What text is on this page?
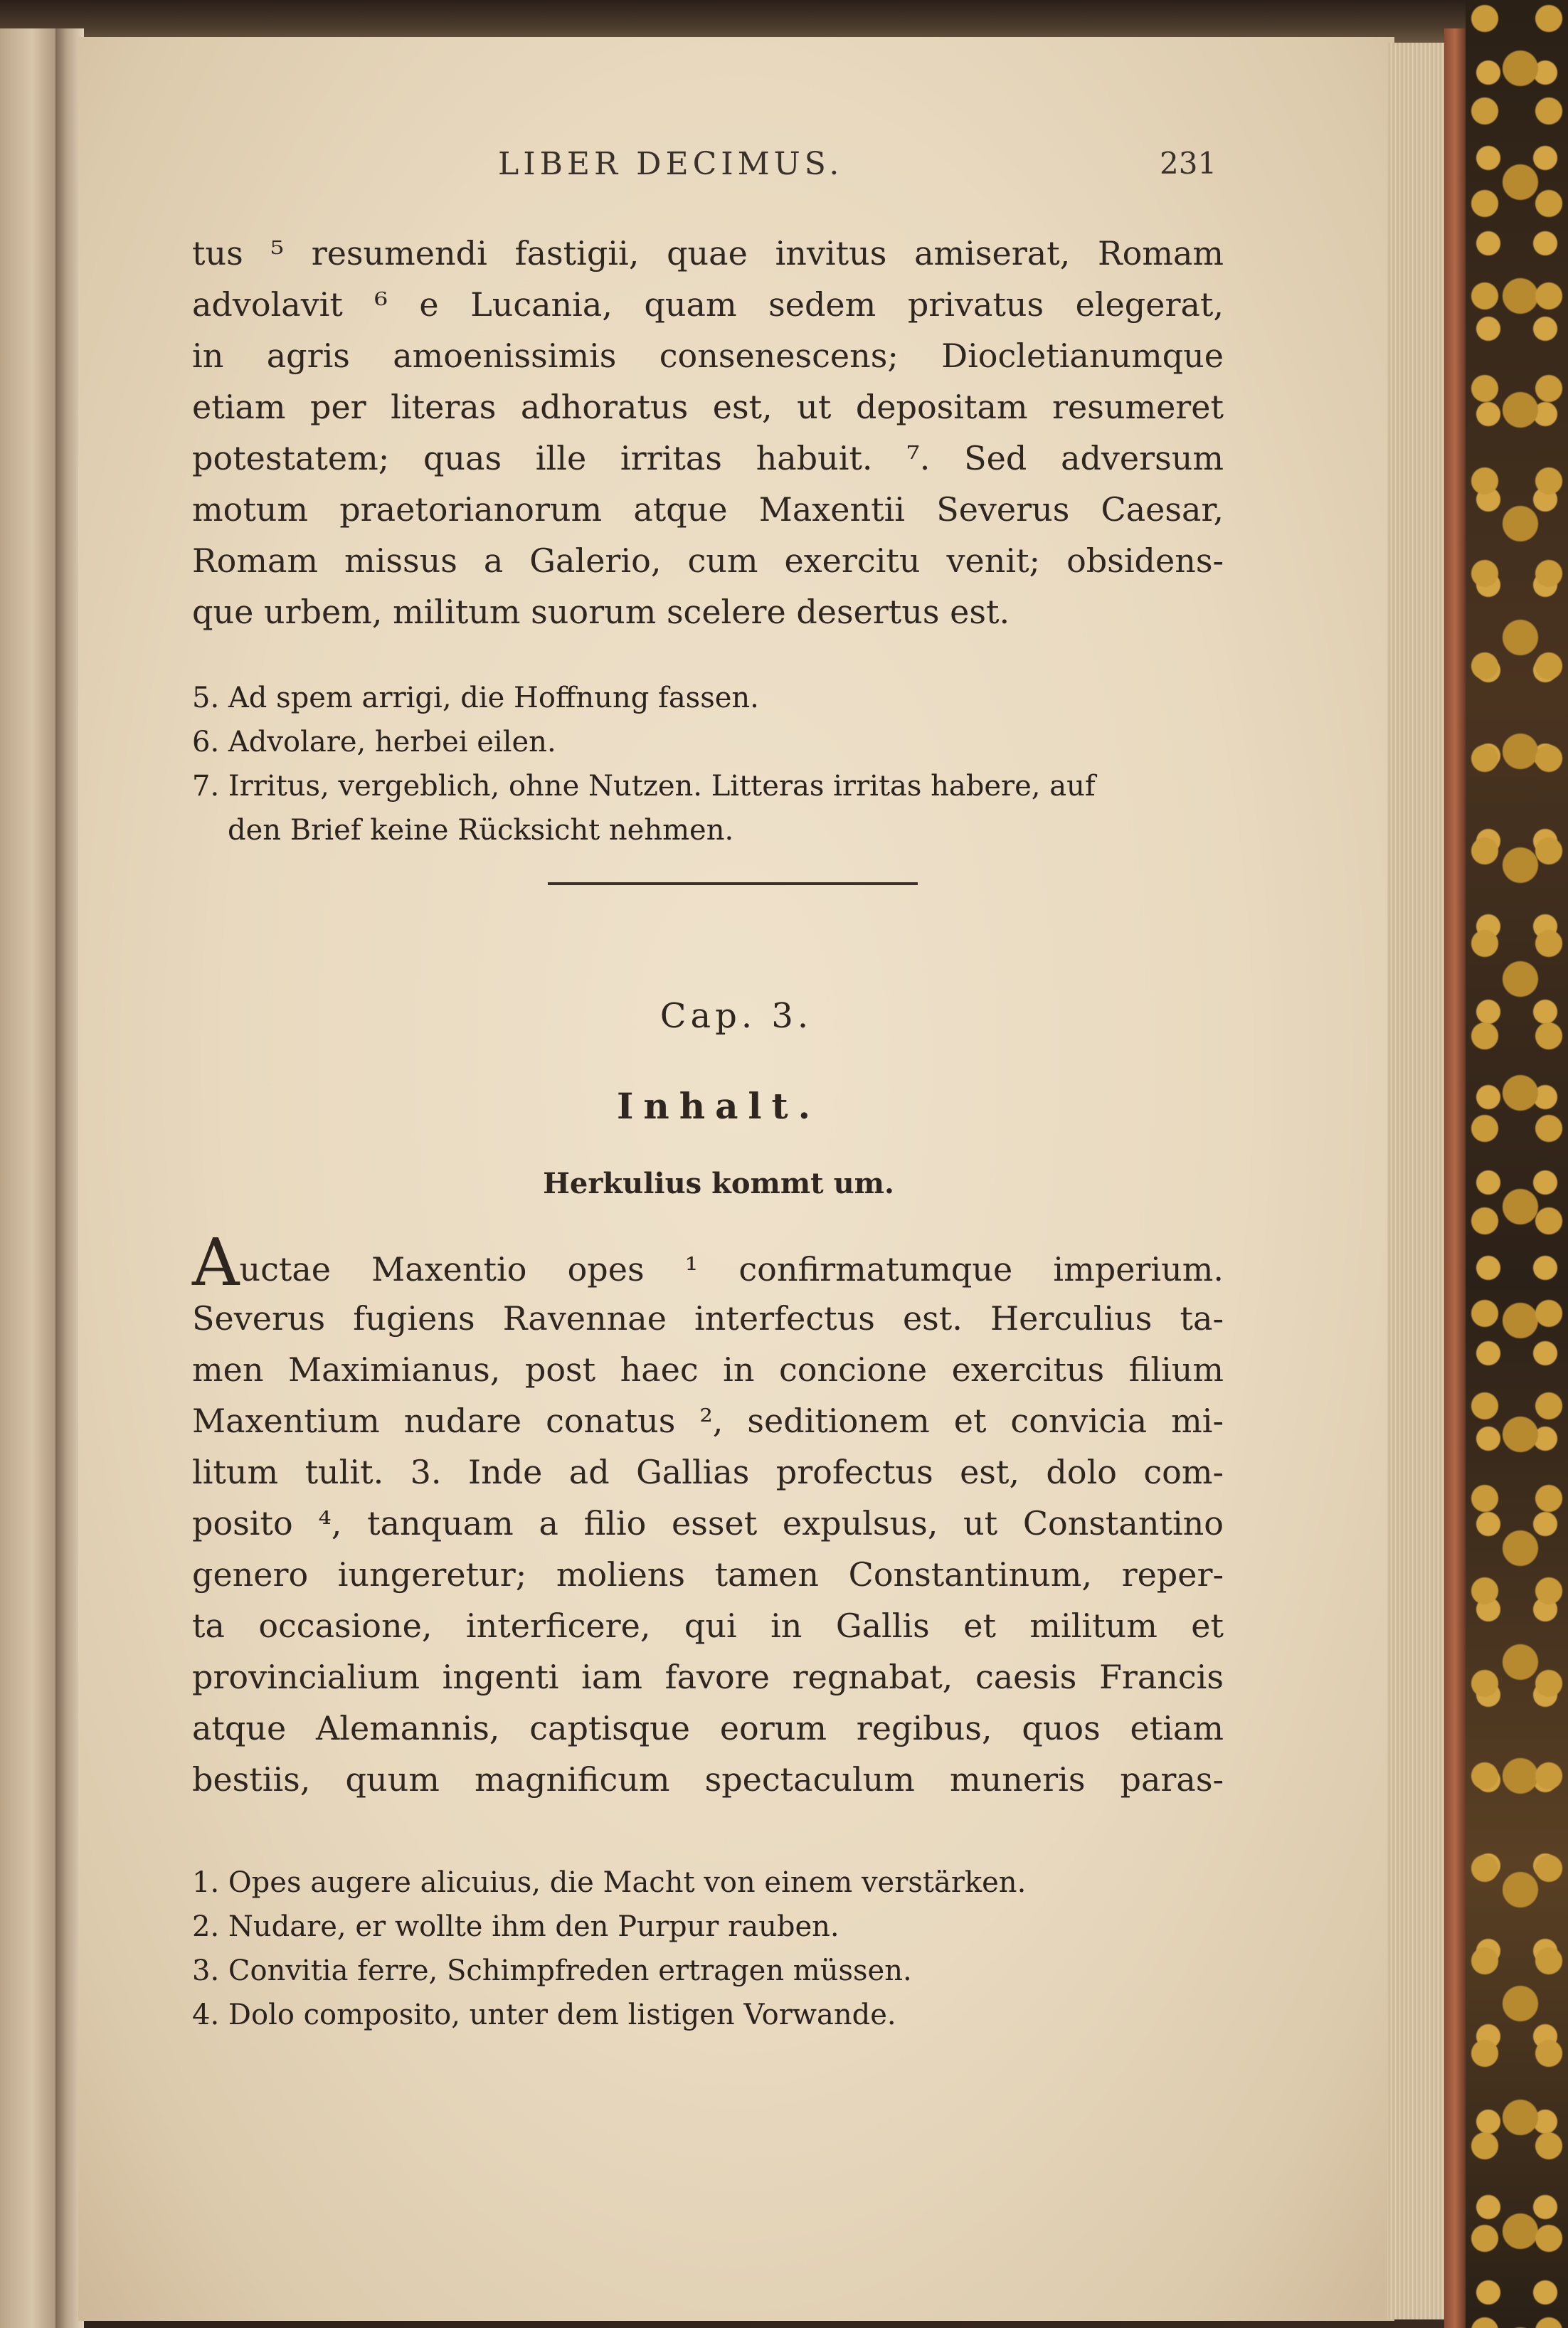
LIBER DECIMUS.	231
tus ⁵ resumendi fastigii, quae invitus amiserat, Romam
advolavit ⁶ e Lucania, quam sedem privatus elegerat,
in agris amoenissimis consenescens; Diocletianumque
etiam per literas adhoratus est, ut depositam resumeret
potestatem; quas ille irritas habuit. ⁷. Sed adversum
motum praetorianorum atque Maxentii Severus Caesar,
Romam missus a Galerio, cum exercitu venit; obsidens-
que urbem, militum suorum scelere desertus est.
5. Ad spem arrigi, die Hoffnung fassen.
6. Advolare, herbei eilen.
7. Irritus, vergeblich, ohne Nutzen. Litteras irritas habere, auf
den Brief keine Rücksicht nehmen.
Cap. 3.
Inhalt.
Herkulius kommt um.
Auctae Maxentio opes ¹ confirmatumque imperium.
Severus fugiens Ravennae interfectus est. Herculius ta-
men Maximianus, post haec in concione exercitus filium
Maxentium nudare conatus ², seditionem et convicia mi-
litum tulit. 3. Inde ad Gallias profectus est, dolo com-
posito ⁴, tanquam a filio esset expulsus, ut Constantino
genero iungeretur; moliens tamen Constantinum, reper-
ta occasione, interficere, qui in Gallis et militum et
provincialium ingenti iam favore regnabat, caesis Francis
atque Alemannis, captisque eorum regibus, quos etiam
bestiis, quum magnificum spectaculum muneris paras-
1. Opes augere alicuius, die Macht von einem verstärken.
2. Nudare, er wollte ihm den Purpur rauben.
3. Convitia ferre, Schimpfreden ertragen müssen.
4. Dolo composito, unter dem listigen Vorwande.
